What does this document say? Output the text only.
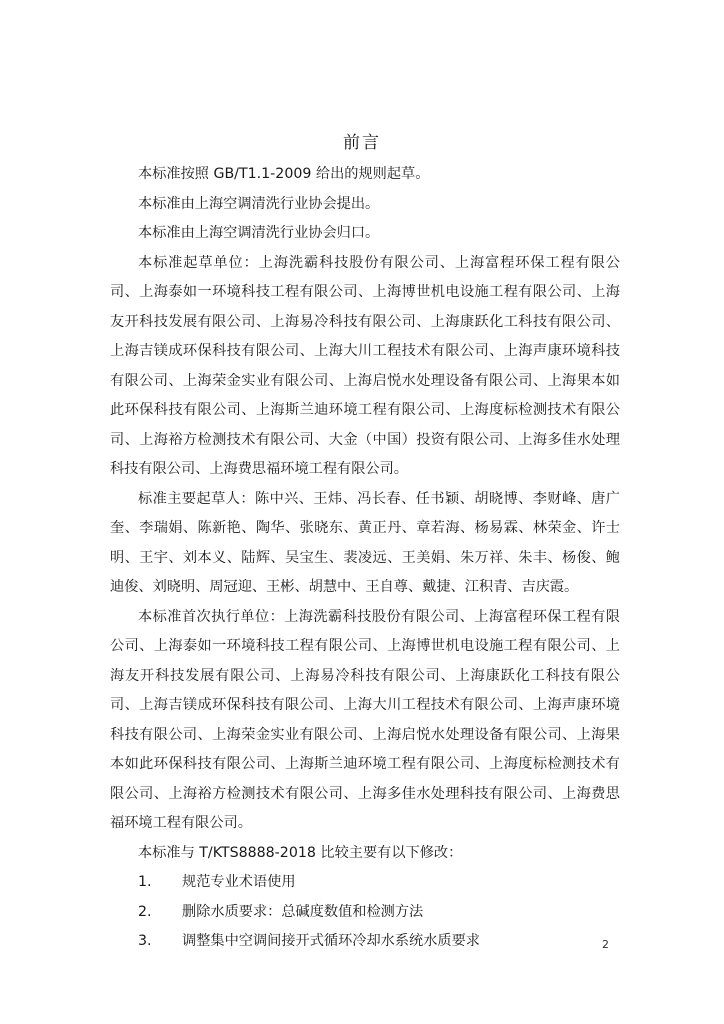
前言

本标准按照 GB/T1.1-2009 给出的规则起草。

本标准由上海空调清洗行业协会提出。

本标准由上海空调清洗行业协会归口。

本标准起草单位：上海洗霸科技股份有限公司、上海富程环保工程有限公司、上海泰如一环境科技工程有限公司、上海博世机电设施工程有限公司、上海友开科技发展有限公司、上海易冷科技有限公司、上海康跃化工科技有限公司、上海吉镁成环保科技有限公司、上海大川工程技术有限公司、上海声康环境科技有限公司、上海荣金实业有限公司、上海启悦水处理设备有限公司、上海果本如此环保科技有限公司、上海斯兰迪环境工程有限公司、上海度标检测技术有限公司、上海裕方检测技术有限公司、大金（中国）投资有限公司、上海多佳水处理科技有限公司、上海费思福环境工程有限公司。

标准主要起草人：陈中兴、王炜、冯长春、任书颖、胡晓博、李财峰、唐广奎、李瑞娟、陈新艳、陶华、张晓东、黄正丹、章若海、杨易霖、林荣金、许士明、王宇、刘本义、陆辉、吴宝生、裴凌远、王美娟、朱万祥、朱丰、杨俊、鲍迪俊、刘晓明、周冠迎、王彬、胡慧中、王自尊、戴捷、江积青、吉庆霞。

本标准首次执行单位：上海洗霸科技股份有限公司、上海富程环保工程有限公司、上海泰如一环境科技工程有限公司、上海博世机电设施工程有限公司、上海友开科技发展有限公司、上海易冷科技有限公司、上海康跃化工科技有限公司、上海吉镁成环保科技有限公司、上海大川工程技术有限公司、上海声康环境科技有限公司、上海荣金实业有限公司、上海启悦水处理设备有限公司、上海果本如此环保科技有限公司、上海斯兰迪环境工程有限公司、上海度标检测技术有限公司、上海裕方检测技术有限公司、上海多佳水处理科技有限公司、上海费思福环境工程有限公司。

本标准与 T/KTS8888-2018 比较主要有以下修改：

1.	规范专业术语使用
2.	删除水质要求：总碱度数值和检测方法
3.	调整集中空调间接开式循环冷却水系统水质要求	2
